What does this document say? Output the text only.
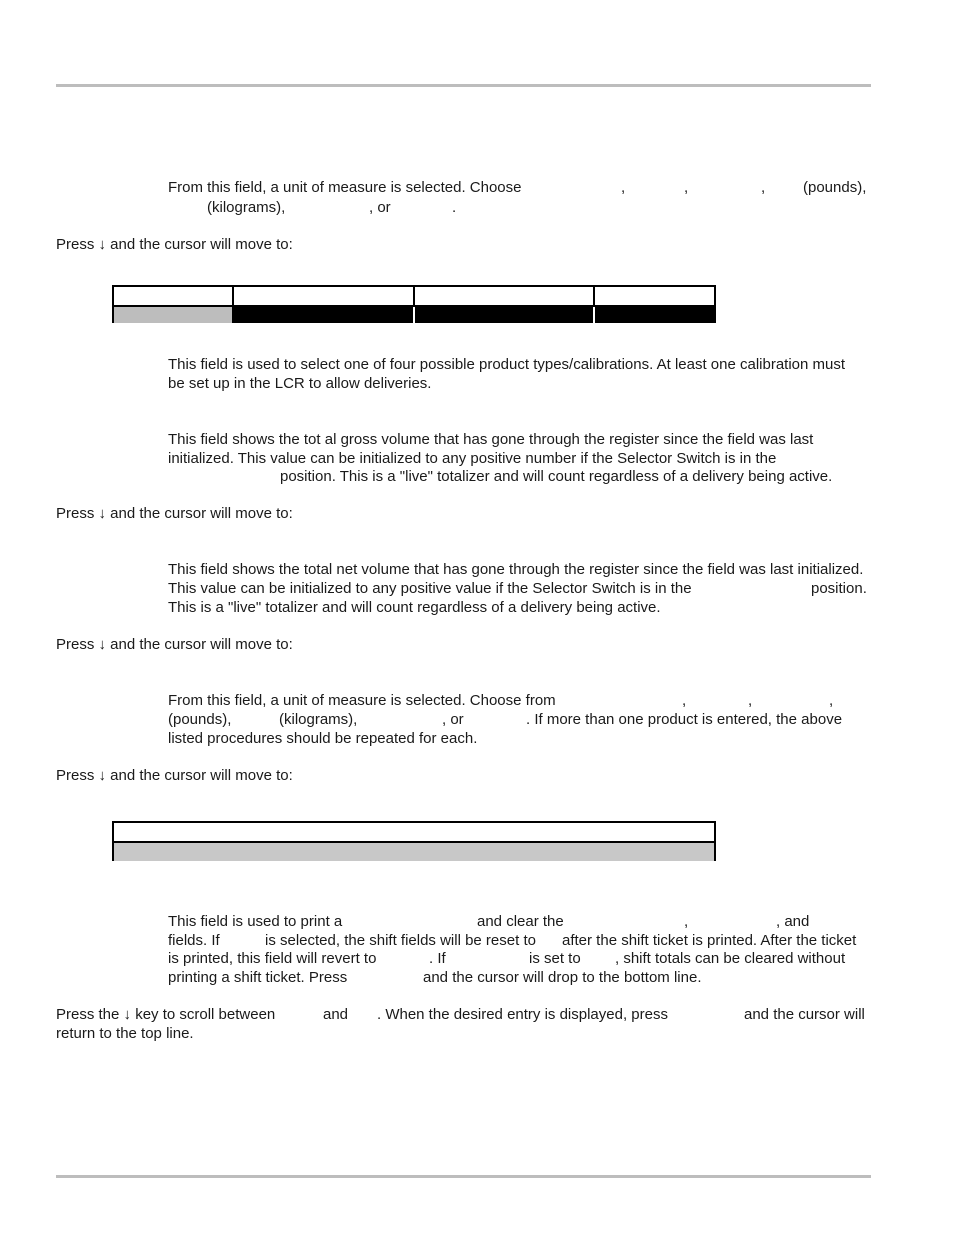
From this field, a unit of measure is selected. Choose	,	,	,	(pounds),
(kilograms),	, or	.
Press ↓ and the cursor will move to:
This field is used to select one of four possible product types/calibrations. At least one calibration must
be set up in the LCR to allow deliveries.
This field shows the tot al gross volume that has gone through the register since the field was last
initialized. This value can be initialized to any positive number if the Selector Switch is in the
position. This is a "live" totalizer and will count regardless of a delivery being active.
Press ↓ and the cursor will move to:
This field shows the total net volume that has gone through the register since the field was last initialized.
This value can be initialized to any positive value if the Selector Switch is in the	position.
This is a "live" totalizer and will count regardless of a delivery being active.
Press ↓ and the cursor will move to:
From this field, a unit of measure is selected. Choose from	,	,	,
(pounds),	(kilograms),	, or	. If more than one product is entered, the above
listed procedures should be repeated for each.
Press ↓ and the cursor will move to:
This field is used to print a	and clear the	,	, and
fields. If	is selected, the shift fields will be reset to after the shift ticket is printed. After the ticket
is printed, this field will revert to	. If	is set to , shift totals can be cleared without
printing a shift ticket. Press	and the cursor will drop to the bottom line.
Press the ↓ key to scroll between	and . When the desired entry is displayed, press	and the cursor will
return to the top line.
